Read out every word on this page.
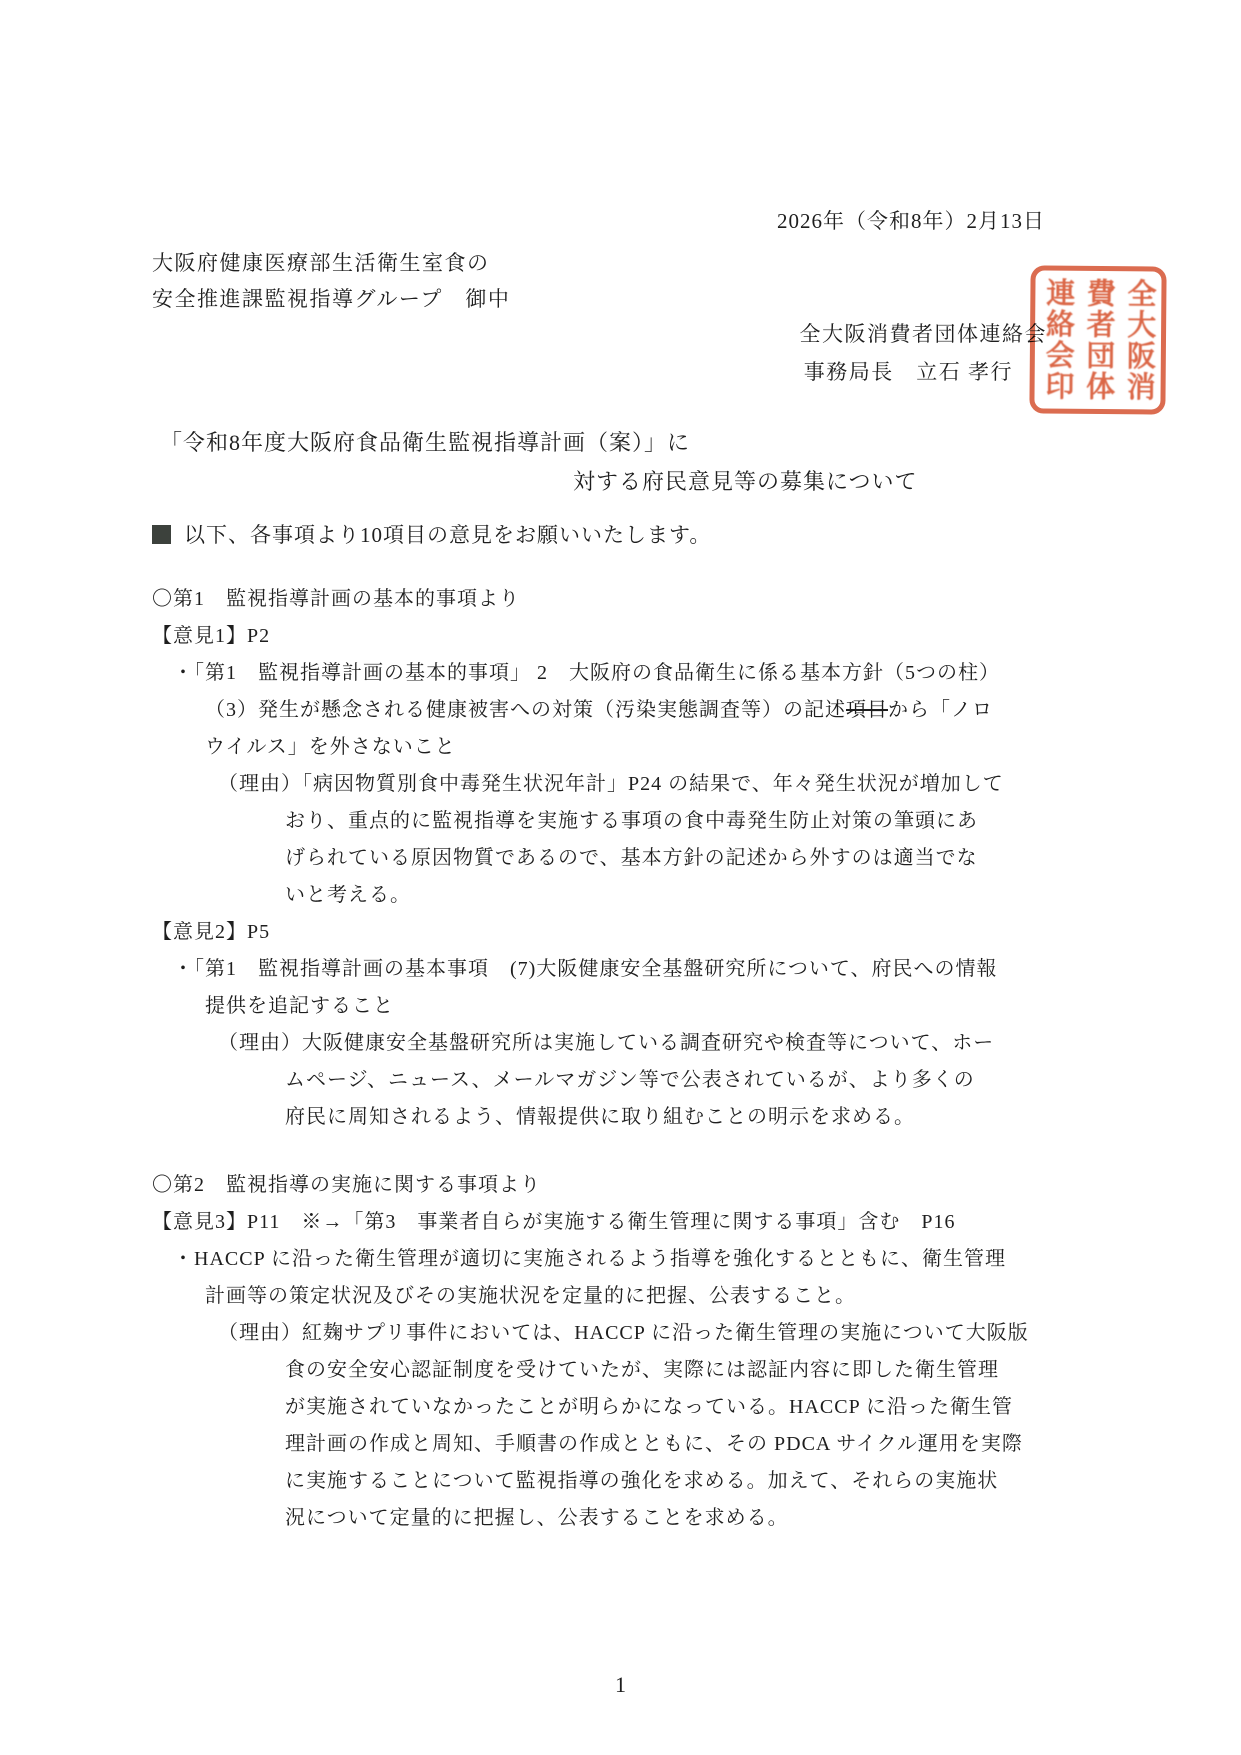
2026年（令和8年）2月13日
大阪府健康医療部生活衛生室食の
安全推進課監視指導グループ　御中
全大阪消費者団体連絡会
事務局長　立石 孝行	全大阪消
費者団体
連絡会印
「令和8年度大阪府食品衛生監視指導計画（案）」に
対する府民意見等の募集について
以下、各事項より10項目の意見をお願いいたします。
〇第1　監視指導計画の基本的事項より
【意見1】P2
・「第1　監視指導計画の基本的事項」 2　大阪府の食品衛生に係る基本方針（5つの柱）
（3）発生が懸念される健康被害への対策（汚染実態調査等）の記述項目から「ノロ
ウイルス」を外さないこと
（理由）「病因物質別食中毒発生状況年計」P24 の結果で、年々発生状況が増加して
おり、重点的に監視指導を実施する事項の食中毒発生防止対策の筆頭にあ
げられている原因物質であるので、基本方針の記述から外すのは適当でな
いと考える。
【意見2】P5
・「第1　監視指導計画の基本事項　(7)大阪健康安全基盤研究所について、府民への情報
提供を追記すること
（理由）大阪健康安全基盤研究所は実施している調査研究や検査等について、ホー
ムページ、ニュース、メールマガジン等で公表されているが、より多くの
府民に周知されるよう、情報提供に取り組むことの明示を求める。
〇第2　監視指導の実施に関する事項より
【意見3】P11　※→「第3　事業者自らが実施する衛生管理に関する事項」含む　P16
・HACCP に沿った衛生管理が適切に実施されるよう指導を強化するとともに、衛生管理
計画等の策定状況及びその実施状況を定量的に把握、公表すること。
（理由）紅麹サプリ事件においては、HACCP に沿った衛生管理の実施について大阪版
食の安全安心認証制度を受けていたが、実際には認証内容に即した衛生管理
が実施されていなかったことが明らかになっている。HACCP に沿った衛生管
理計画の作成と周知、手順書の作成とともに、その PDCA サイクル運用を実際
に実施することについて監視指導の強化を求める。加えて、それらの実施状
況について定量的に把握し、公表することを求める。
1
